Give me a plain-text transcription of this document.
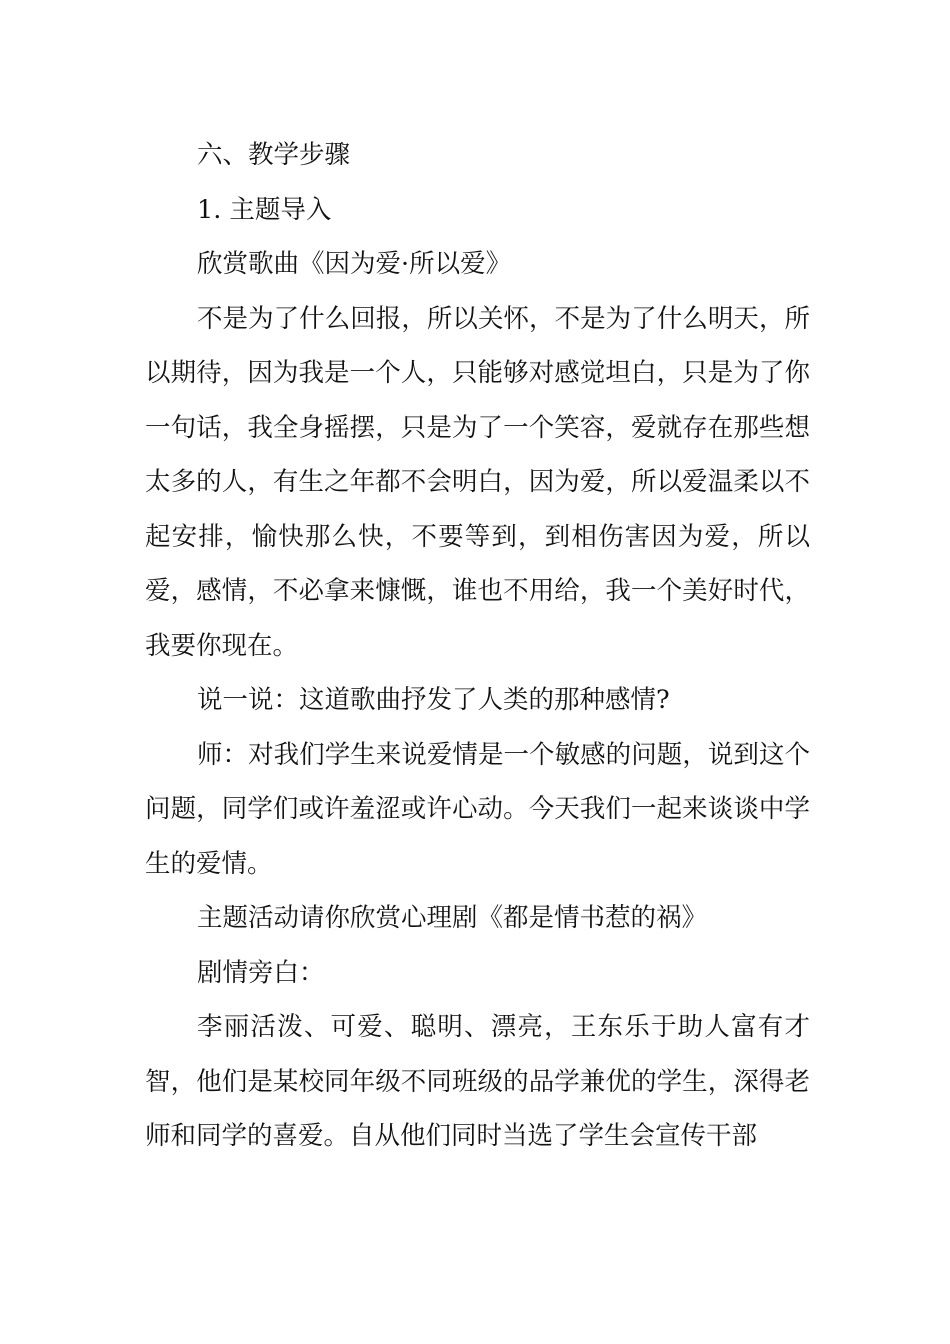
六、教学步骤

1. 主题导入

欣赏歌曲《因为爱·所以爱》

不是为了什么回报，所以关怀，不是为了什么明天，所以期待，因为我是一个人，只能够对感觉坦白，只是为了你一句话，我全身摇摆，只是为了一个笑容，爱就存在那些想太多的人，有生之年都不会明白，因为爱，所以爱温柔以不起安排，愉快那么快，不要等到，到相伤害因为爱，所以爱，感情，不必拿来慷慨，谁也不用给，我一个美好时代，我要你现在。

说一说：这道歌曲抒发了人类的那种感情?

师：对我们学生来说爱情是一个敏感的问题，说到这个问题，同学们或许羞涩或许心动。今天我们一起来谈谈中学生的爱情。

主题活动请你欣赏心理剧《都是情书惹的祸》

剧情旁白：

李丽活泼、可爱、聪明、漂亮，王东乐于助人富有才智，他们是某校同年级不同班级的品学兼优的学生，深得老师和同学的喜爱。自从他们同时当选了学生会宣传干部
